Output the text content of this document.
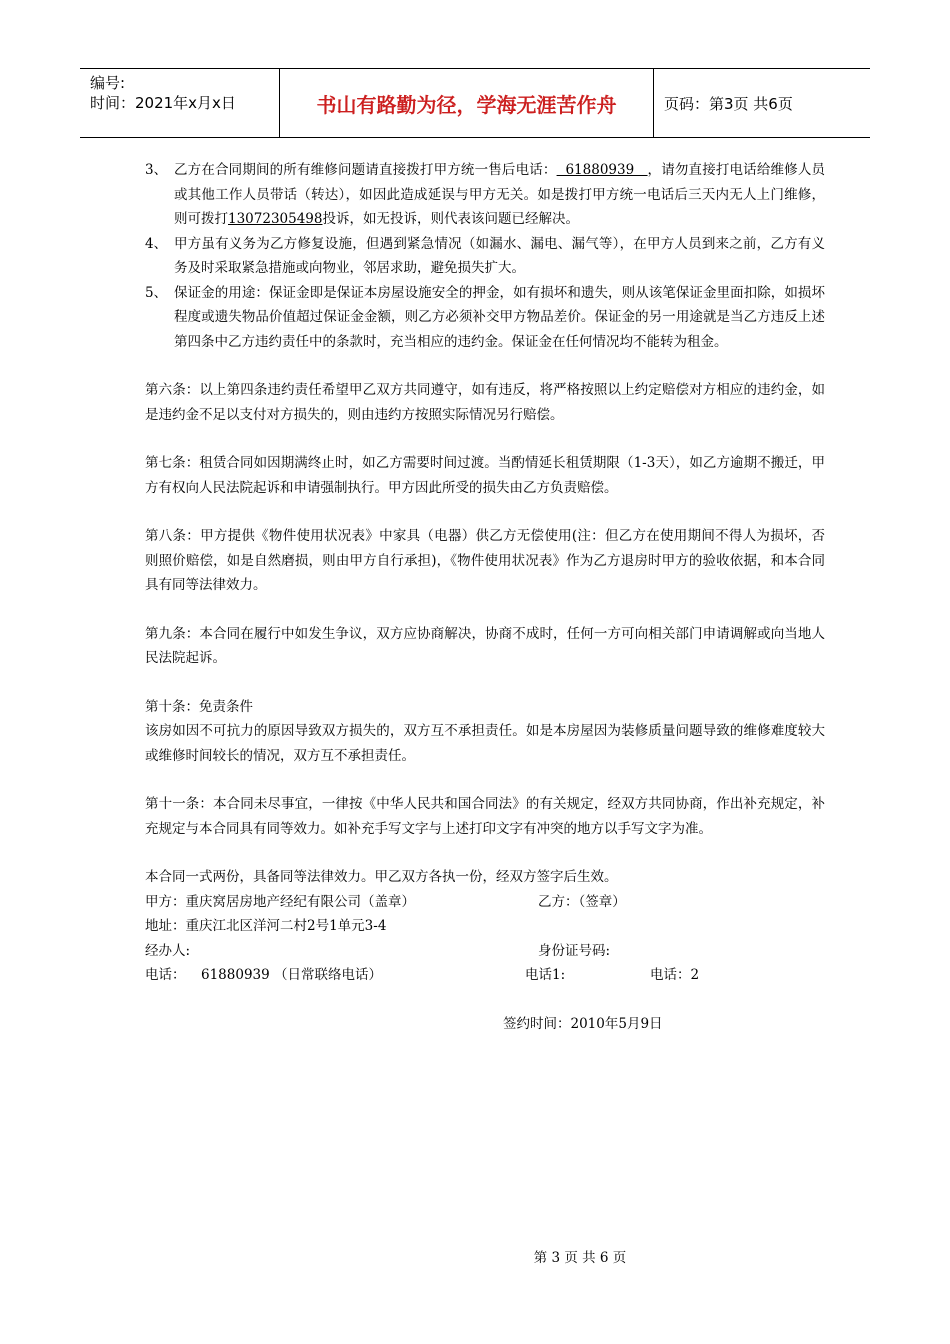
编号:
时间：2021年x月x日	书山有路勤为径，学海无涯苦作舟	页码：第3页 共6页
3、 乙方在合同期间的所有维修问题请直接拨打甲方统一售后电话：  61880939   ，请勿直接打电话给维修人员或其他工作人员带话（转达），如因此造成延误与甲方无关。如是拨打甲方统一电话后三天内无人上门维修，则可拨打13072305498投诉，如无投诉，则代表该问题已经解决。
4、 甲方虽有义务为乙方修复设施，但遇到紧急情况（如漏水、漏电、漏气等），在甲方人员到来之前，乙方有义务及时采取紧急措施或向物业，邻居求助，避免损失扩大。
5、 保证金的用途：保证金即是保证本房屋设施安全的押金，如有损坏和遗失，则从该笔保证金里面扣除，如损坏程度或遗失物品价值超过保证金金额，则乙方必须补交甲方物品差价。保证金的另一用途就是当乙方违反上述第四条中乙方违约责任中的条款时，充当相应的违约金。保证金在任何情况均不能转为租金。

第六条：以上第四条违约责任希望甲乙双方共同遵守，如有违反，将严格按照以上约定赔偿对方相应的违约金，如是违约金不足以支付对方损失的，则由违约方按照实际情况另行赔偿。

第七条：租赁合同如因期满终止时，如乙方需要时间过渡。当酌情延长租赁期限（1-3天），如乙方逾期不搬迁，甲方有权向人民法院起诉和申请强制执行。甲方因此所受的损失由乙方负责赔偿。

第八条：甲方提供《物件使用状况表》中家具（电器）供乙方无偿使用(注：但乙方在使用期间不得人为损坏，否则照价赔偿，如是自然磨损，则由甲方自行承担)，《物件使用状况表》作为乙方退房时甲方的验收依据，和本合同具有同等法律效力。

第九条：本合同在履行中如发生争议，双方应协商解决，协商不成时，任何一方可向相关部门申请调解或向当地人民法院起诉。

第十条：免责条件

该房如因不可抗力的原因导致双方损失的，双方互不承担责任。如是本房屋因为装修质量问题导致的维修难度较大或维修时间较长的情况，双方互不承担责任。

第十一条：本合同未尽事宜，一律按《中华人民共和国合同法》的有关规定，经双方共同协商，作出补充规定，补充规定与本合同具有同等效力。如补充手写文字与上述打印文字有冲突的地方以手写文字为准。

本合同一式两份，具备同等法律效力。甲乙双方各执一份，经双方签字后生效。

甲方：重庆窝居房地产经纪有限公司（盖章）	乙方：（签章）

地址：重庆江北区洋河二村2号1单元3-4

经办人:	身份证号码:
电话：	61880939 （日常联络电话）	电话1:	电话：2
签约时间：2010年5月9日
第 3 页 共 6 页
